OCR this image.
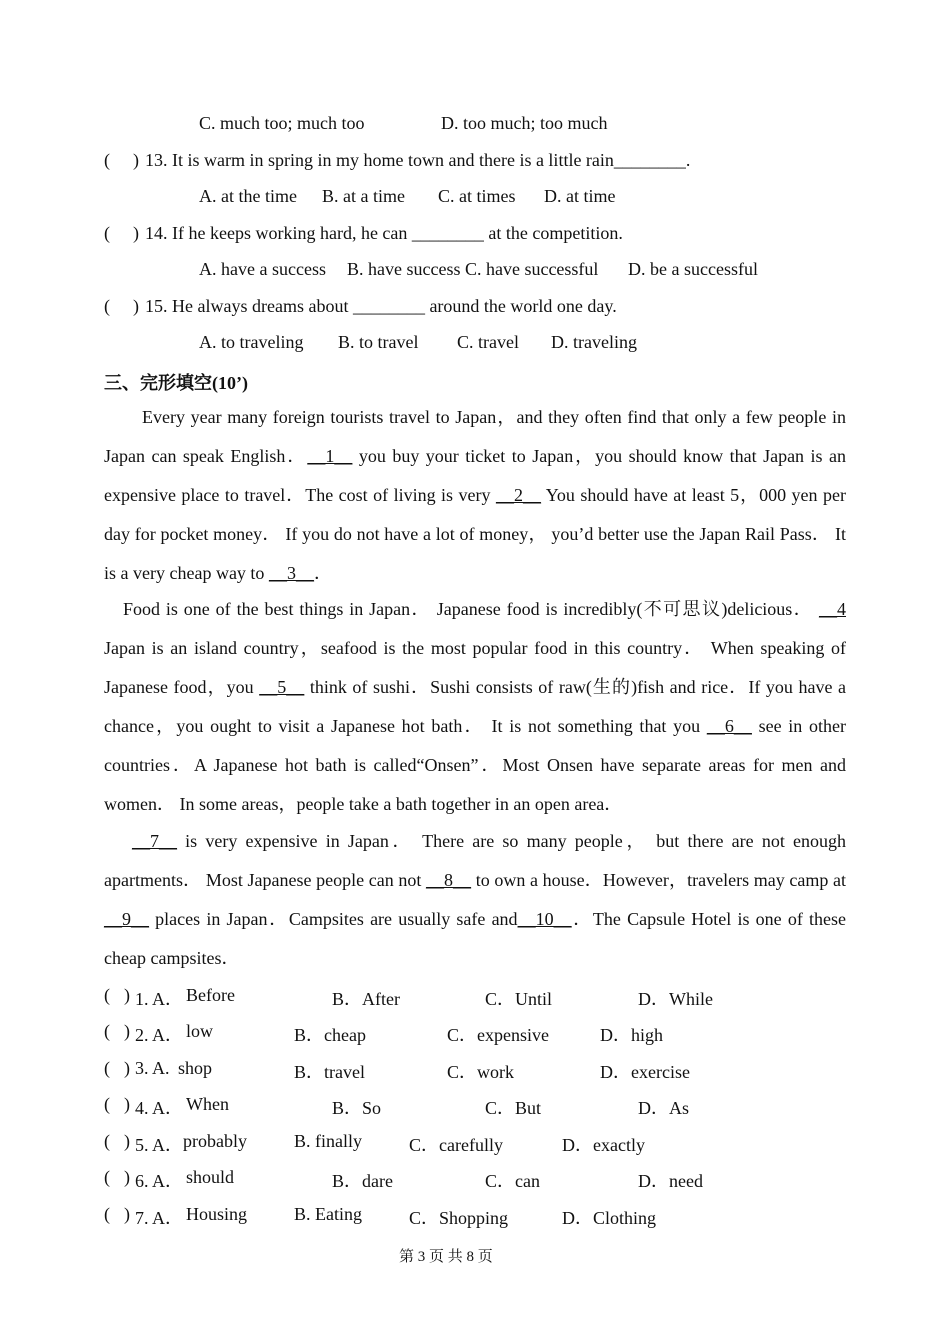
C. much too; much too	D. too much; too much
( ) 13. It is warm in spring in my home town and there is a little rain________.
A. at the time B. at a time C. at times D. at time
( ) 14. If he keeps working hard, he can ________ at the competition.
A. have a success B. have success C. have successful D. be a successful
( ) 15. He always dreams about ________ around the world one day.
A. to traveling B. to travel C. travel D. traveling
三、完形填空(10’)
Every year many foreign tourists travel to Japan，and they often find that only a few people in Japan can speak English．__1__ you buy your ticket to Japan，you should know that Japan is an expensive place to travel．The cost of living is very __2__ You should have at least 5，000 yen per day for pocket money． If you do not have a lot of money， you’d better use the Japan Rail Pass． It is a very cheap way to __3__．
Food is one of the best things in Japan． Japanese food is incredibly(不可思议)delicious． __4 Japan is an island country，seafood is the most popular food in this country． When speaking of Japanese food，you __5__ think of sushi．Sushi consists of raw(生的)fish and rice．If you have a chance，you ought to visit a Japanese hot bath． It is not something that you __6__ see in other countries．A Japanese hot bath is called“Onsen”．Most Onsen have separate areas for men and women． In some areas，people take a bath together in an open area．
__7__ is very expensive in Japan． There are so many people， but there are not enough apartments． Most Japanese people can not __8__ to own a house．However，travelers may camp at __9__ places in Japan．Campsites are usually safe and__10__．The Capsule Hotel is one of these cheap campsites．
( ) 1. A． Before	B．After	C．Until	D．While
( ) 2. A． low	B．cheap	C．expensive	D．high
( ) 3. A. shop	B．travel	C．work	D．exercise
( ) 4. A． When	B．So	C．But	D．As
( ) 5. A． probably	B. finally	C．carefully	D．exactly
( ) 6. A． should	B．dare	C．can	D．need
( ) 7. A． Housing	B. Eating	C．Shopping	D．Clothing
第 3 页 共 8 页
